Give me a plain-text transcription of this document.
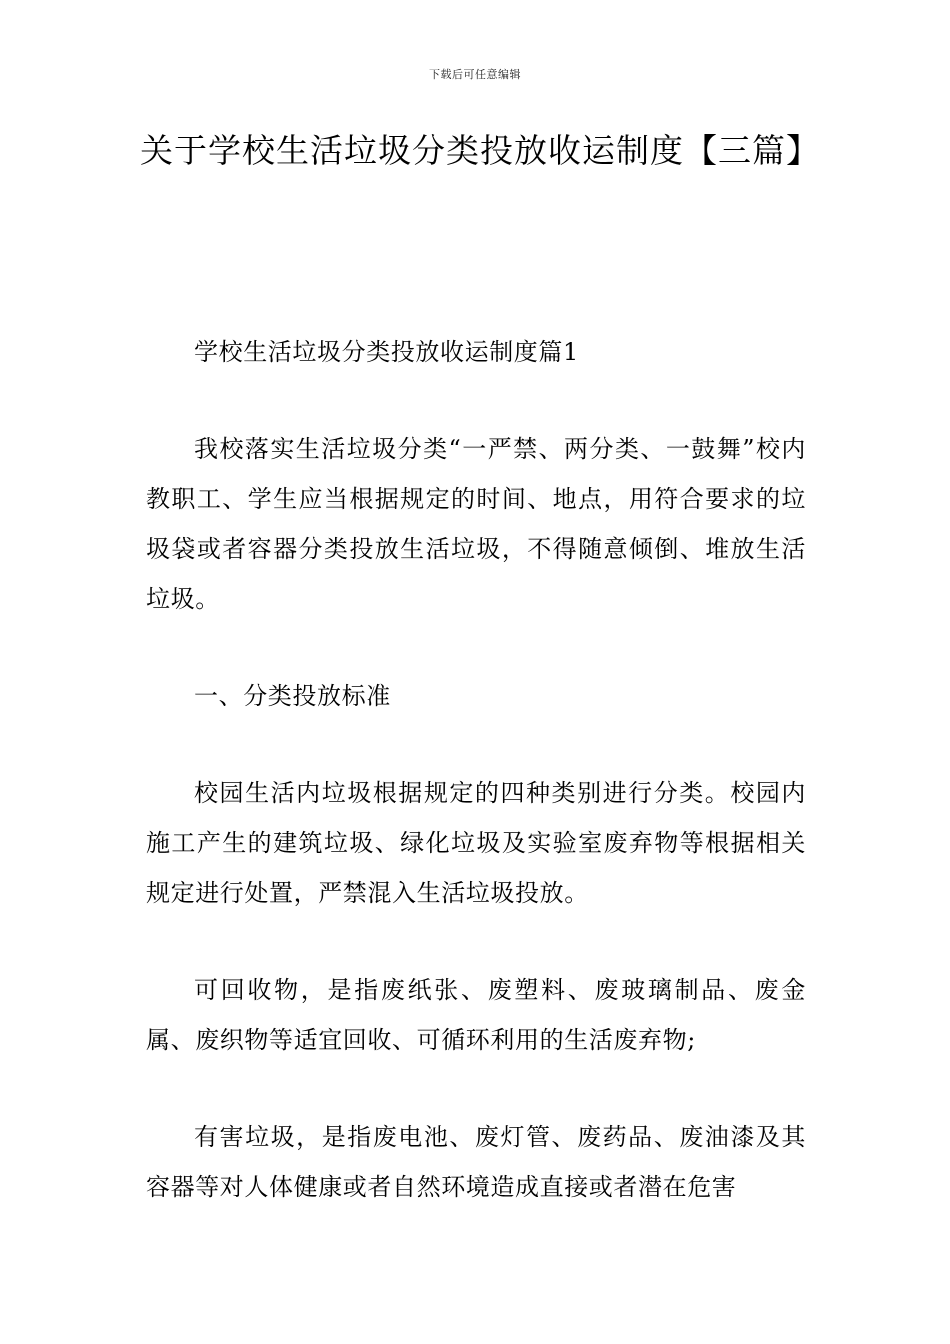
下载后可任意编辑
关于学校生活垃圾分类投放收运制度【三篇】

学校生活垃圾分类投放收运制度篇1

我校落实生活垃圾分类“一严禁、两分类、一鼓舞”校内教职工、学生应当根据规定的时间、地点，用符合要求的垃圾袋或者容器分类投放生活垃圾，不得随意倾倒、堆放生活垃圾。

一、分类投放标准

校园生活内垃圾根据规定的四种类别进行分类。校园内施工产生的建筑垃圾、绿化垃圾及实验室废弃物等根据相关规定进行处置，严禁混入生活垃圾投放。

可回收物，是指废纸张、废塑料、废玻璃制品、废金属、废织物等适宜回收、可循环利用的生活废弃物;

有害垃圾，是指废电池、废灯管、废药品、废油漆及其容器等对人体健康或者自然环境造成直接或者潜在危害
